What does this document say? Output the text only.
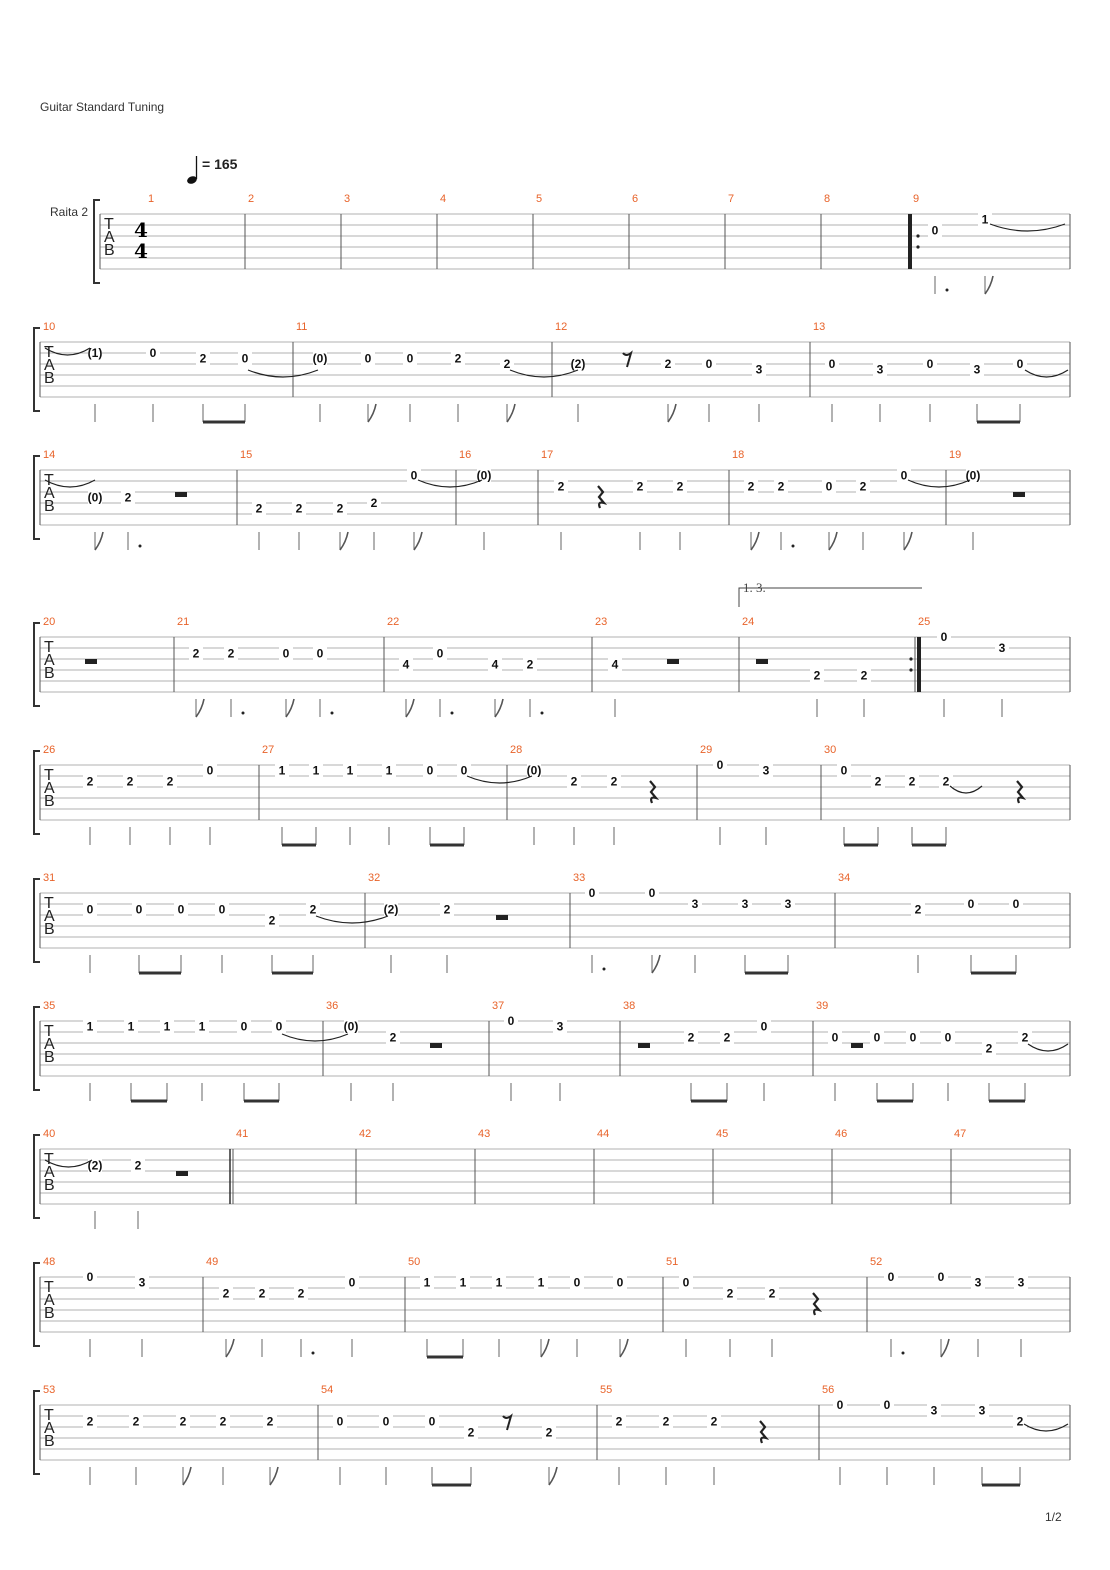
Guitar Standard Tuning
= 165
Raita 2
T
A
B
1	2	3	4	5	6	7	8	9
T
A
B
10	11	12	13
T
A
B
14	15	16	17	18	19
T
A
B
20	21	22	23	24	25
T
A
B
26	27	28	29	30
T
A
B
31	32	33	34
T
A
B
35	36	37	38	39
T
A
B
40	41	42	43	44	45	46	47
T
A
B
48	49	50	51	52
T
A
B
53	54	55	56
4
4
1. 3.
0
1
(1)	0	2	0	(0)	0	0	2	2	(2)	2	0	3	0	3	0	3	0
(0) 2
2	2	2 2
0	(0)
2	2	2	2 2	0 2
0	(0)
2 2	0 0
4
0
4 2	4
2	2
0
3
2	2	2
0	1 1 1	1	0 0	(0)
2	2
0	3	0
2 2 2
0	0	0	0
2
2	(2)	2
0	0
3	3	3	2	0	0
1	1 1 1	0 0	(0)
2
0	3
2 2
0
0	0 0 0
2
2
(2)	2
0	3
2 2	2
0	1 1 1	1 0	0	0
2	2
0	0	3	3
2	2	2	2	2	0	0	0
2	2
2	2	2
0	0	3	3
2
1/2
